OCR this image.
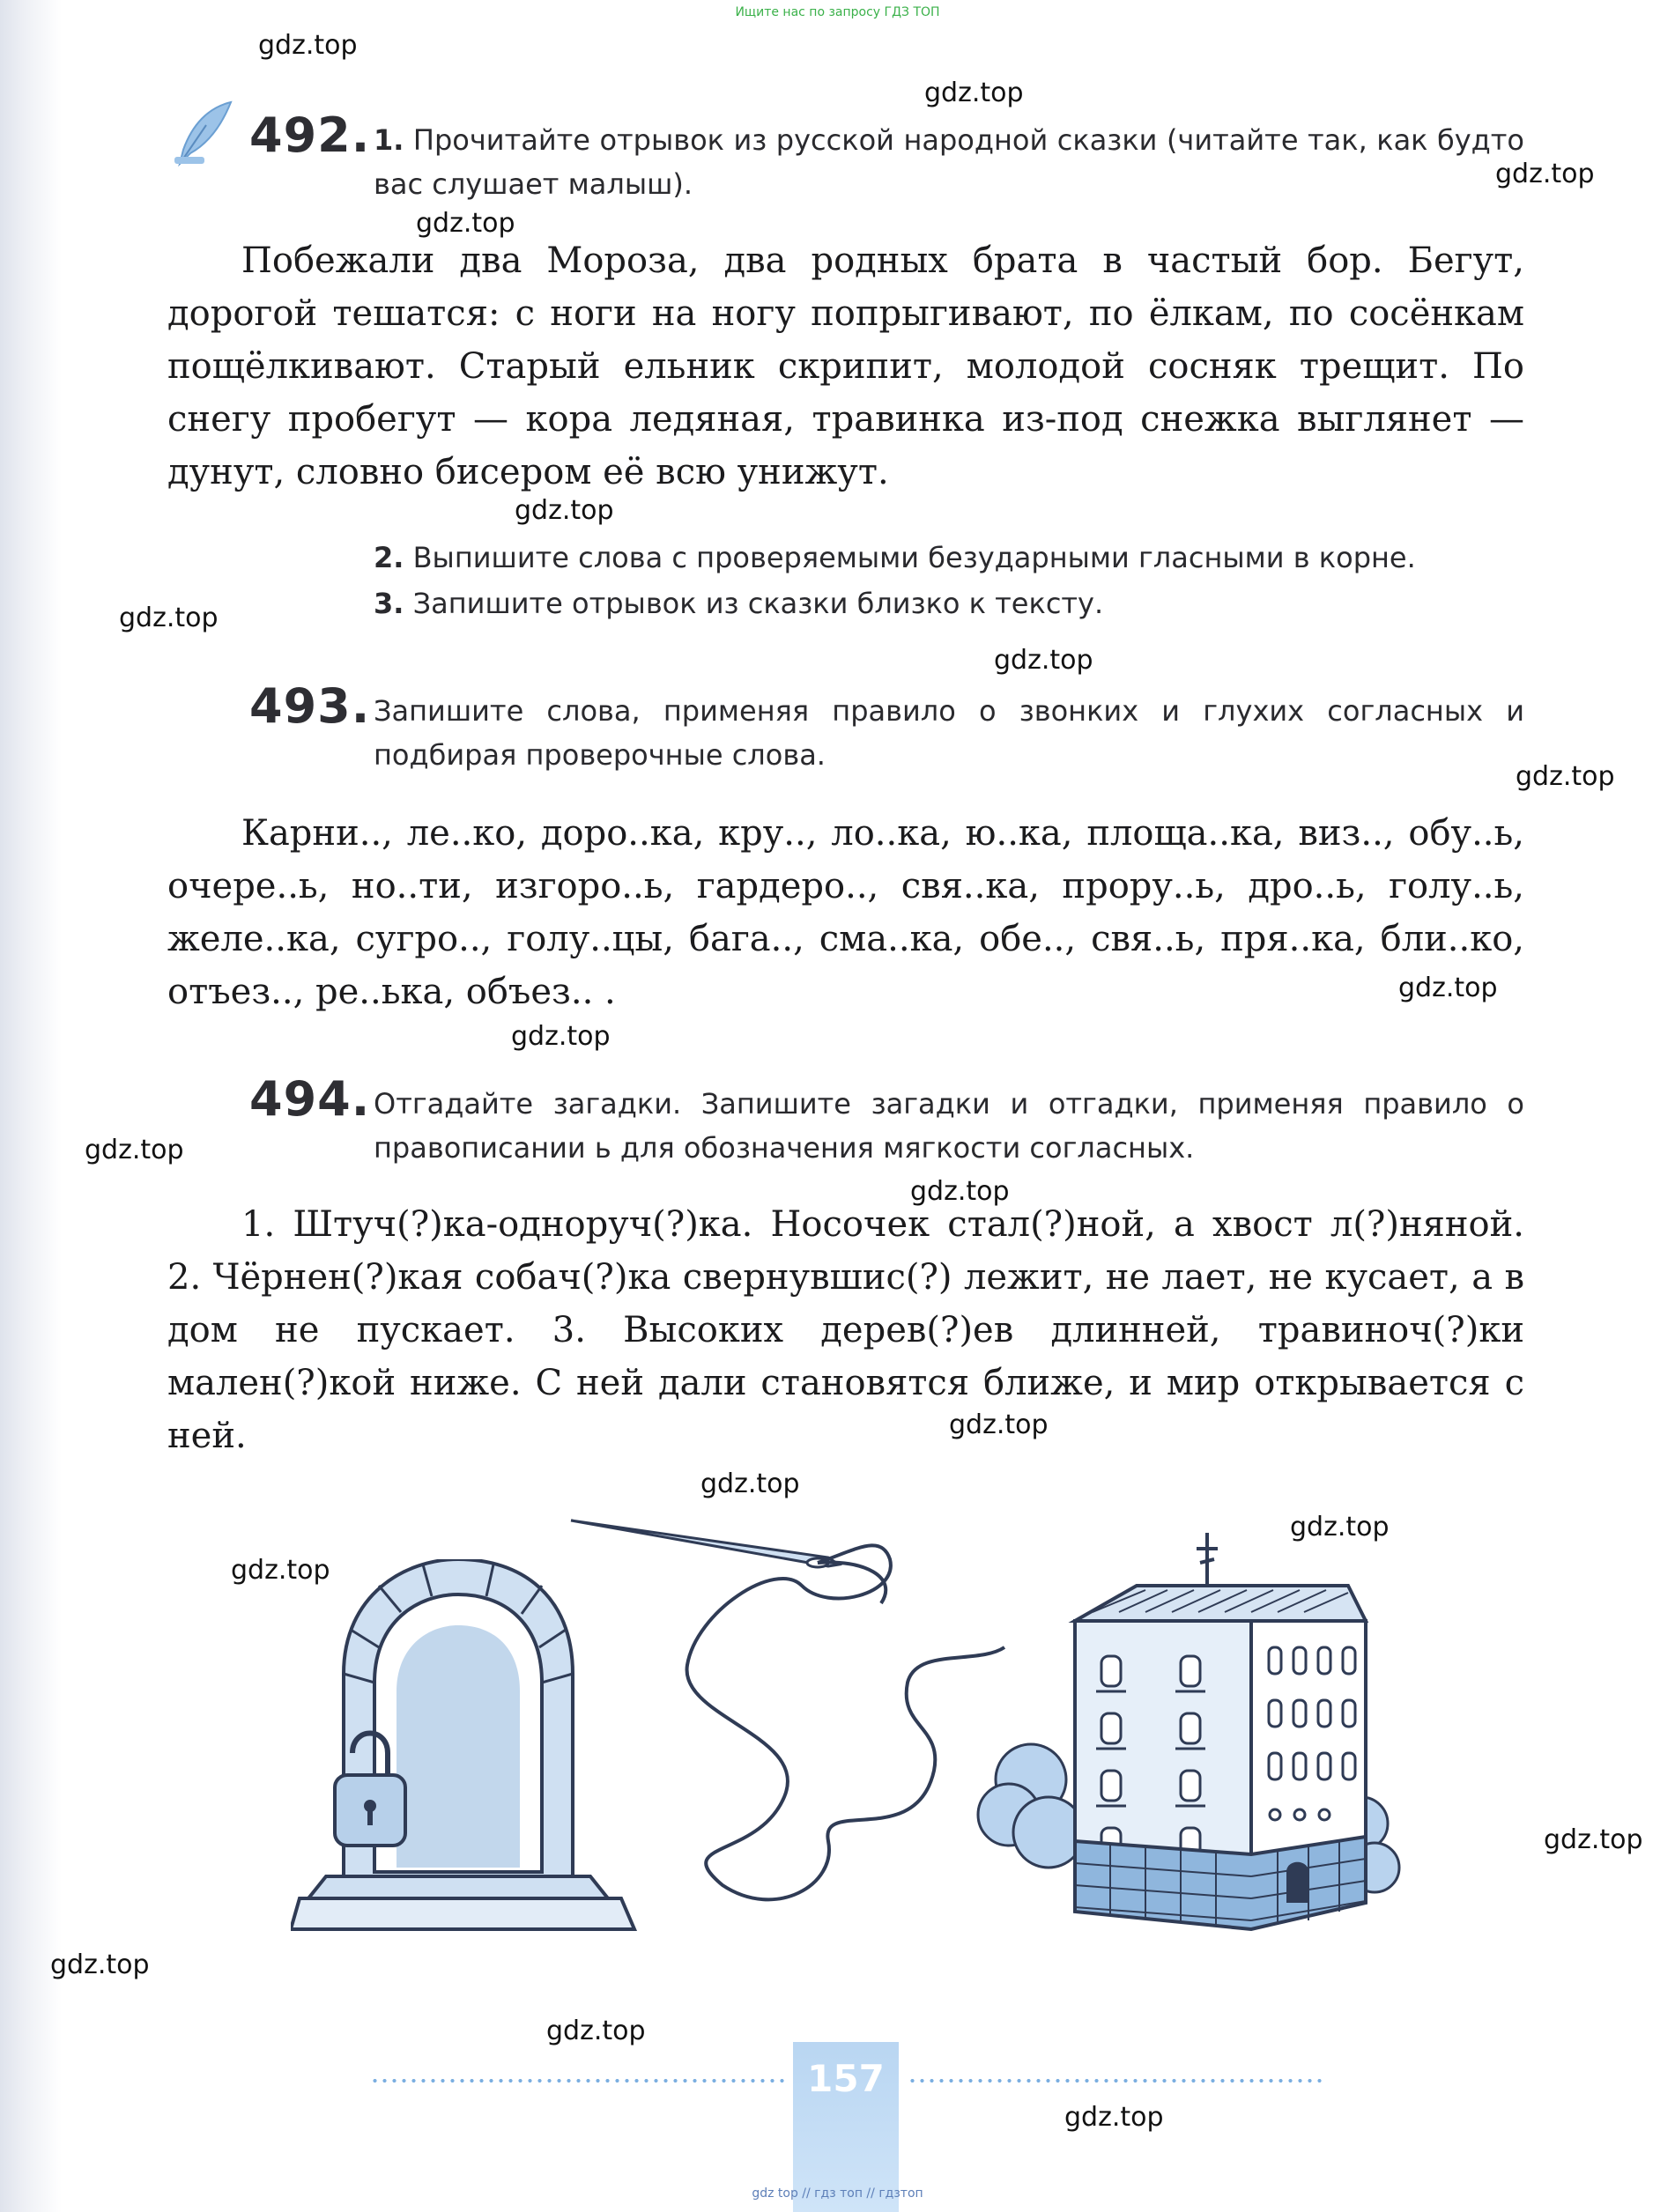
Ищите нас по запросу ГДЗ ТОП
gdz.top
gdz.top
gdz.top
gdz.top
gdz.top
gdz.top
gdz.top
gdz.top
gdz.top
gdz.top
gdz.top
gdz.top
gdz.top
gdz.top
gdz.top
gdz.top
gdz.top
gdz.top
gdz.top
gdz.top
492. 1. Прочитайте отрывок из русской народной сказки (читайте так, как будто вас слушает малыш).

Побежали два Мороза, два родных брата в частый бор. Бегут, дорогой тешатся: с ноги на ногу попрыгивают, по ёлкам, по сосёнкам пощёлкивают. Старый ельник скрипит, молодой сосняк трещит. По снегу пробегут — кора ледяная, травинка из-под снежка выглянет — дунут, словно бисером её всю унижут.

2. Выпишите слова с проверяемыми безударными гласными в корне.
3. Запишите отрывок из сказки близко к тексту.
493. Запишите слова, применяя правило о звонких и глухих согласных и подбирая проверочные слова.

Карни.., ле..ко, доро..ка, кру.., ло..ка, ю..ка, площа..ка, виз.., обу..ь, очере..ь, но..ти, изгоро..ь, гардеро.., свя..ка, прору..ь, дро..ь, голу..ь, желе..ка, сугро.., голу..цы, бага.., сма..ка, обе.., свя..ь, пря..ка, бли..ко, отъез.., ре..ька, объез.. .

494. Отгадайте загадки. Запишите загадки и отгадки, применяя правило о правописании ь для обозначения мягкости согласных.

1. Штуч(?)ка-одноруч(?)ка. Носочек стал(?)ной, а хвост л(?)няной. 2. Чёрнен(?)кая собач(?)ка свернувшис(?) лежит, не лает, не кусает, а в дом не пускает. 3. Высоких дерев(?)ев длинней, травиноч(?)ки мален(?)кой ниже. С ней дали становятся ближе, и мир открывается с ней.

157
gdz top // гдз топ // гдзтоп
